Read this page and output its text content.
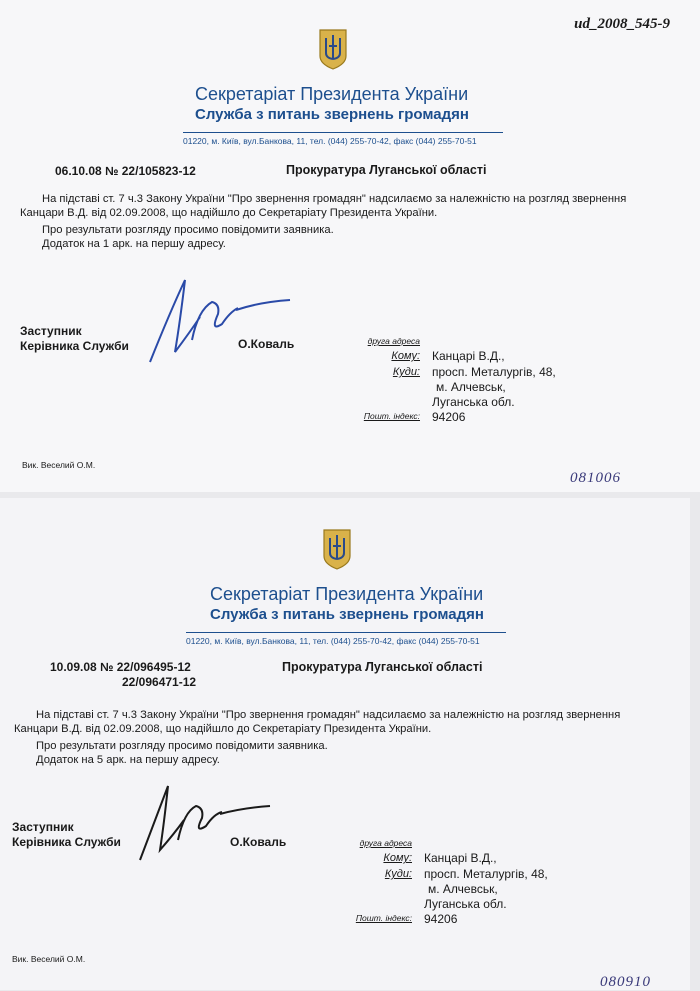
ud_2008_545-9
Секретаріат Президента України
Служба з питань звернень громадян
01220, м. Київ, вул.Банкова, 11, тел. (044) 255-70-42, факс (044) 255-70-51
06.10.08 № 22/105823-12	Прокуратура Луганської області

На підставі ст. 7 ч.3 Закону України "Про звернення громадян" надсилаємо за належністю на розгляд звернення Канцари В.Д. від 02.09.2008, що надійшло до Секретаріату Президента України.

Про результати розгляду просимо повідомити заявника.

Додаток на 1 арк. на першу адресу.

Заступник
Керівника Служби	О.Коваль	друга адреса
Кому: Канцарі В.Д.,
Куди: просп. Металургів, 48,
м. Алчевськ,
Луганська обл.
Пошт. індекс: 94206
Вик. Веселий О.М.
081006
Секретаріат Президента України
Служба з питань звернень громадян
01220, м. Київ, вул.Банкова, 11, тел. (044) 255-70-42, факс (044) 255-70-51
10.09.08 № 22/096495-12
22/096471-12
Прокуратура Луганської області

На підставі ст. 7 ч.3 Закону України "Про звернення громадян" надсилаємо за належністю на розгляд звернення Канцари В.Д. від 02.09.2008, що надійшло до Секретаріату Президента України.

Про результати розгляду просимо повідомити заявника.

Додаток на 5 арк. на першу адресу.

Заступник
Керівника Служби	О.Коваль	друга адреса
Кому: Канцарі В.Д.,
Куди: просп. Металургів, 48,
м. Алчевськ,
Луганська обл.
Пошт. індекс: 94206
Вик. Веселий О.М.
080910
